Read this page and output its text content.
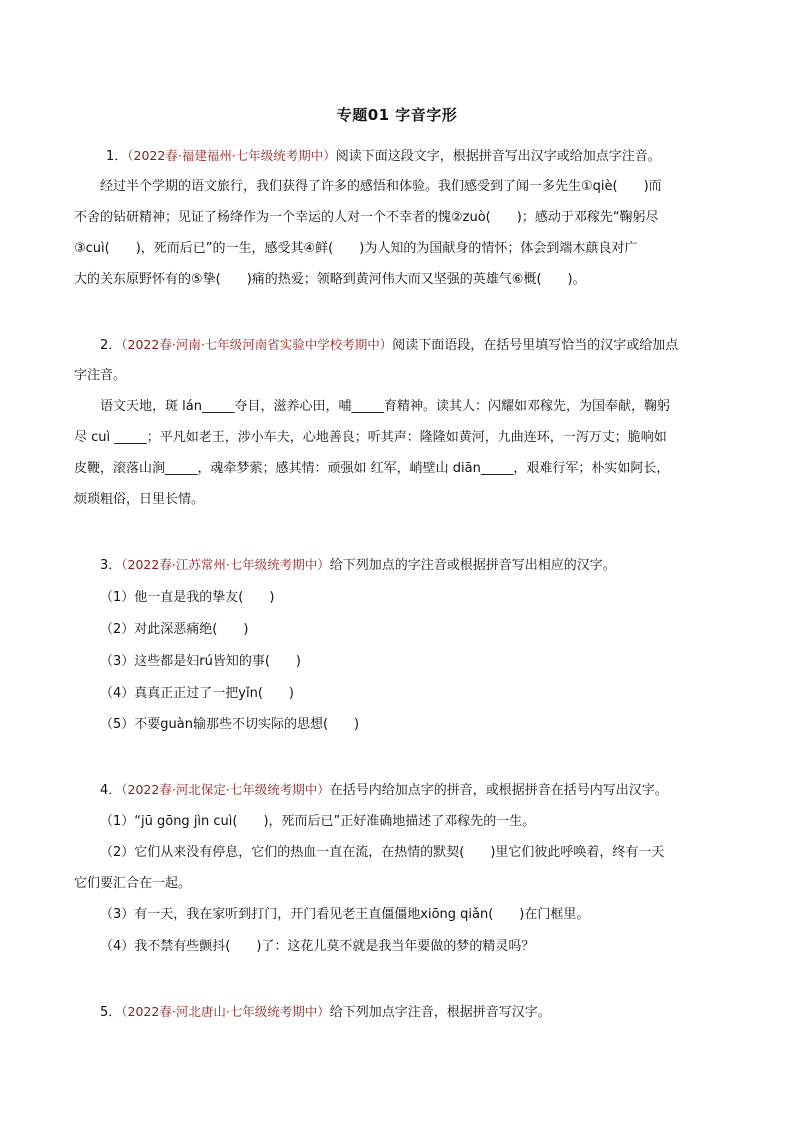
专题01 字音字形
1．（2022春·福建福州·七年级统考期中）阅读下面这段文字，根据拼音写出汉字或给加点字注音。
经过半个学期的语文旅行，我们获得了许多的感悟和体验。我们感受到了闻一多先生①qiè(　　)而
不舍的钻研精神；见证了杨绛作为一个幸运的人对一个不幸者的愧②zuò(　　)；感动于邓稼先“鞠躬尽
③cuì(　　)，死而后已”的一生，感受其④鲜(　　)为人知的为国献身的情怀；体会到端木蕻良对广
大的关东原野怀有的⑤挚(　　)痛的热爱；领略到黄河伟大而又坚强的英雄气⑥概(　　)。
2．（2022春·河南·七年级河南省实验中学校考期中）阅读下面语段，在括号里填写恰当的汉字或给加点
字注音。
语文天地，斑 lán_____夺目，滋养心田，哺_____育精神。读其人：闪耀如邓稼先，为国奉献，鞠躬
尽 cuì _____；平凡如老王，涉小车夫，心地善良；听其声：隆隆如黄河，九曲连环，一泻万丈；脆响如
皮鞭，滚落山涧_____，魂牵梦萦；感其情：顽强如 红军，峭壁山 diān_____，艰难行军；朴实如阿长，
烦琐粗俗，日里长情。
3．（2022春·江苏常州·七年级统考期中）给下列加点的字注音或根据拼音写出相应的汉字。
（1）他一直是我的挚友(　　)
（2）对此深恶痛绝(　　)
（3）这些都是妇rú皆知的事(　　)
（4）真真正正过了一把yǐn(　　)
（5）不要guàn输那些不切实际的思想(　　)
4．（2022春·河北保定·七年级统考期中）在括号内给加点字的拼音，或根据拼音在括号内写出汉字。
（1）“jū gōng jìn cuì(　　)，死而后已”正好准确地描述了邓稼先的一生。
（2）它们从来没有停息，它们的热血一直在流，在热情的默契(　　)里它们彼此呼唤着，终有一天
它们要汇合在一起。
（3）有一天，我在家听到打门，开门看见老王直僵僵地xiōng qiǎn(　　)在门框里。
（4）我不禁有些颤抖(　　)了：这花儿莫不就是我当年要做的梦的精灵吗？
5．（2022春·河北唐山·七年级统考期中）给下列加点字注音，根据拼音写汉字。
